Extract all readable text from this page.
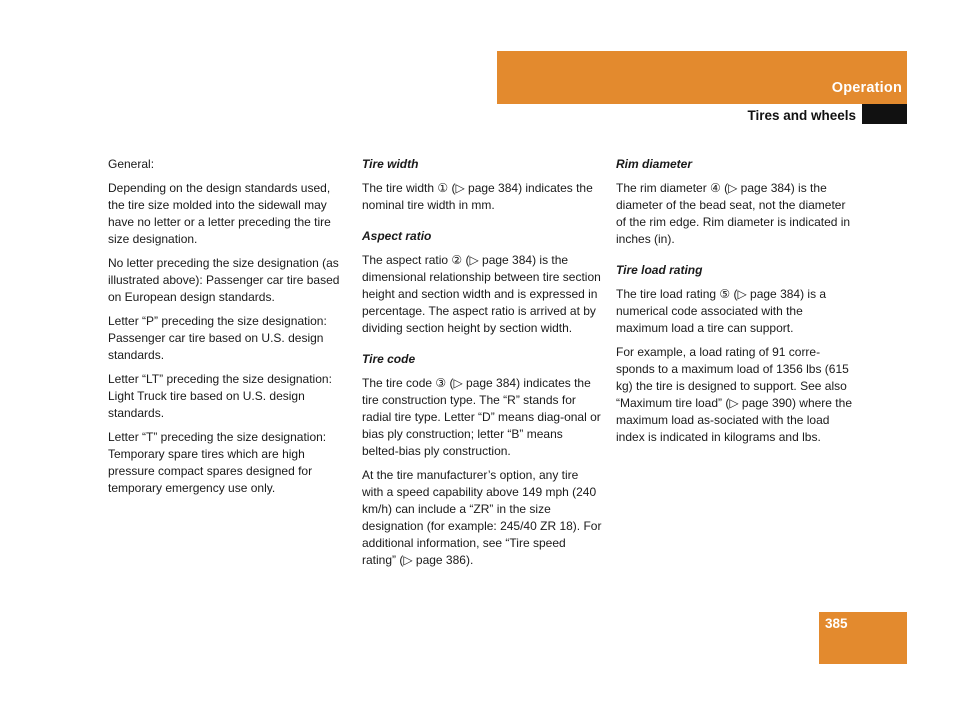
Operation
Tires and wheels

General:

Depending on the design standards used, the tire size molded into the sidewall may have no letter or a letter preceding the tire size designation.

No letter preceding the size designation (as illustrated above): Passenger car tire based on European design standards.

Letter “P” preceding the size designation: Passenger car tire based on U.S. design standards.

Letter “LT” preceding the size designation: Light Truck tire based on U.S. design standards.

Letter “T” preceding the size designation: Temporary spare tires which are high pressure compact spares designed for temporary emergency use only.

Tire width

The tire width ① (▷ page 384) indicates the nominal tire width in mm.

Aspect ratio

The aspect ratio ② (▷ page 384) is the dimensional relationship between tire section height and section width and is expressed in percentage. The aspect ratio is arrived at by dividing section height by section width.

Tire code

The tire code ③ (▷ page 384) indicates the tire construction type. The “R” stands for radial tire type. Letter “D” means diag-onal or bias ply construction; letter “B” means belted-bias ply construction.

At the tire manufacturer’s option, any tire with a speed capability above 149 mph (240 km/h) can include a “ZR” in the size designation (for example: 245/40 ZR 18). For additional information, see “Tire speed rating” (▷ page 386).

Rim diameter

The rim diameter ④ (▷ page 384) is the diameter of the bead seat, not the diameter of the rim edge. Rim diameter is indicated in inches (in).

Tire load rating

The tire load rating ⑤ (▷ page 384) is a numerical code associated with the maximum load a tire can support.

For example, a load rating of 91 corre-sponds to a maximum load of 1356 lbs (615 kg) the tire is designed to support. See also “Maximum tire load” (▷ page 390) where the maximum load as-sociated with the load index is indicated in kilograms and lbs.

385
